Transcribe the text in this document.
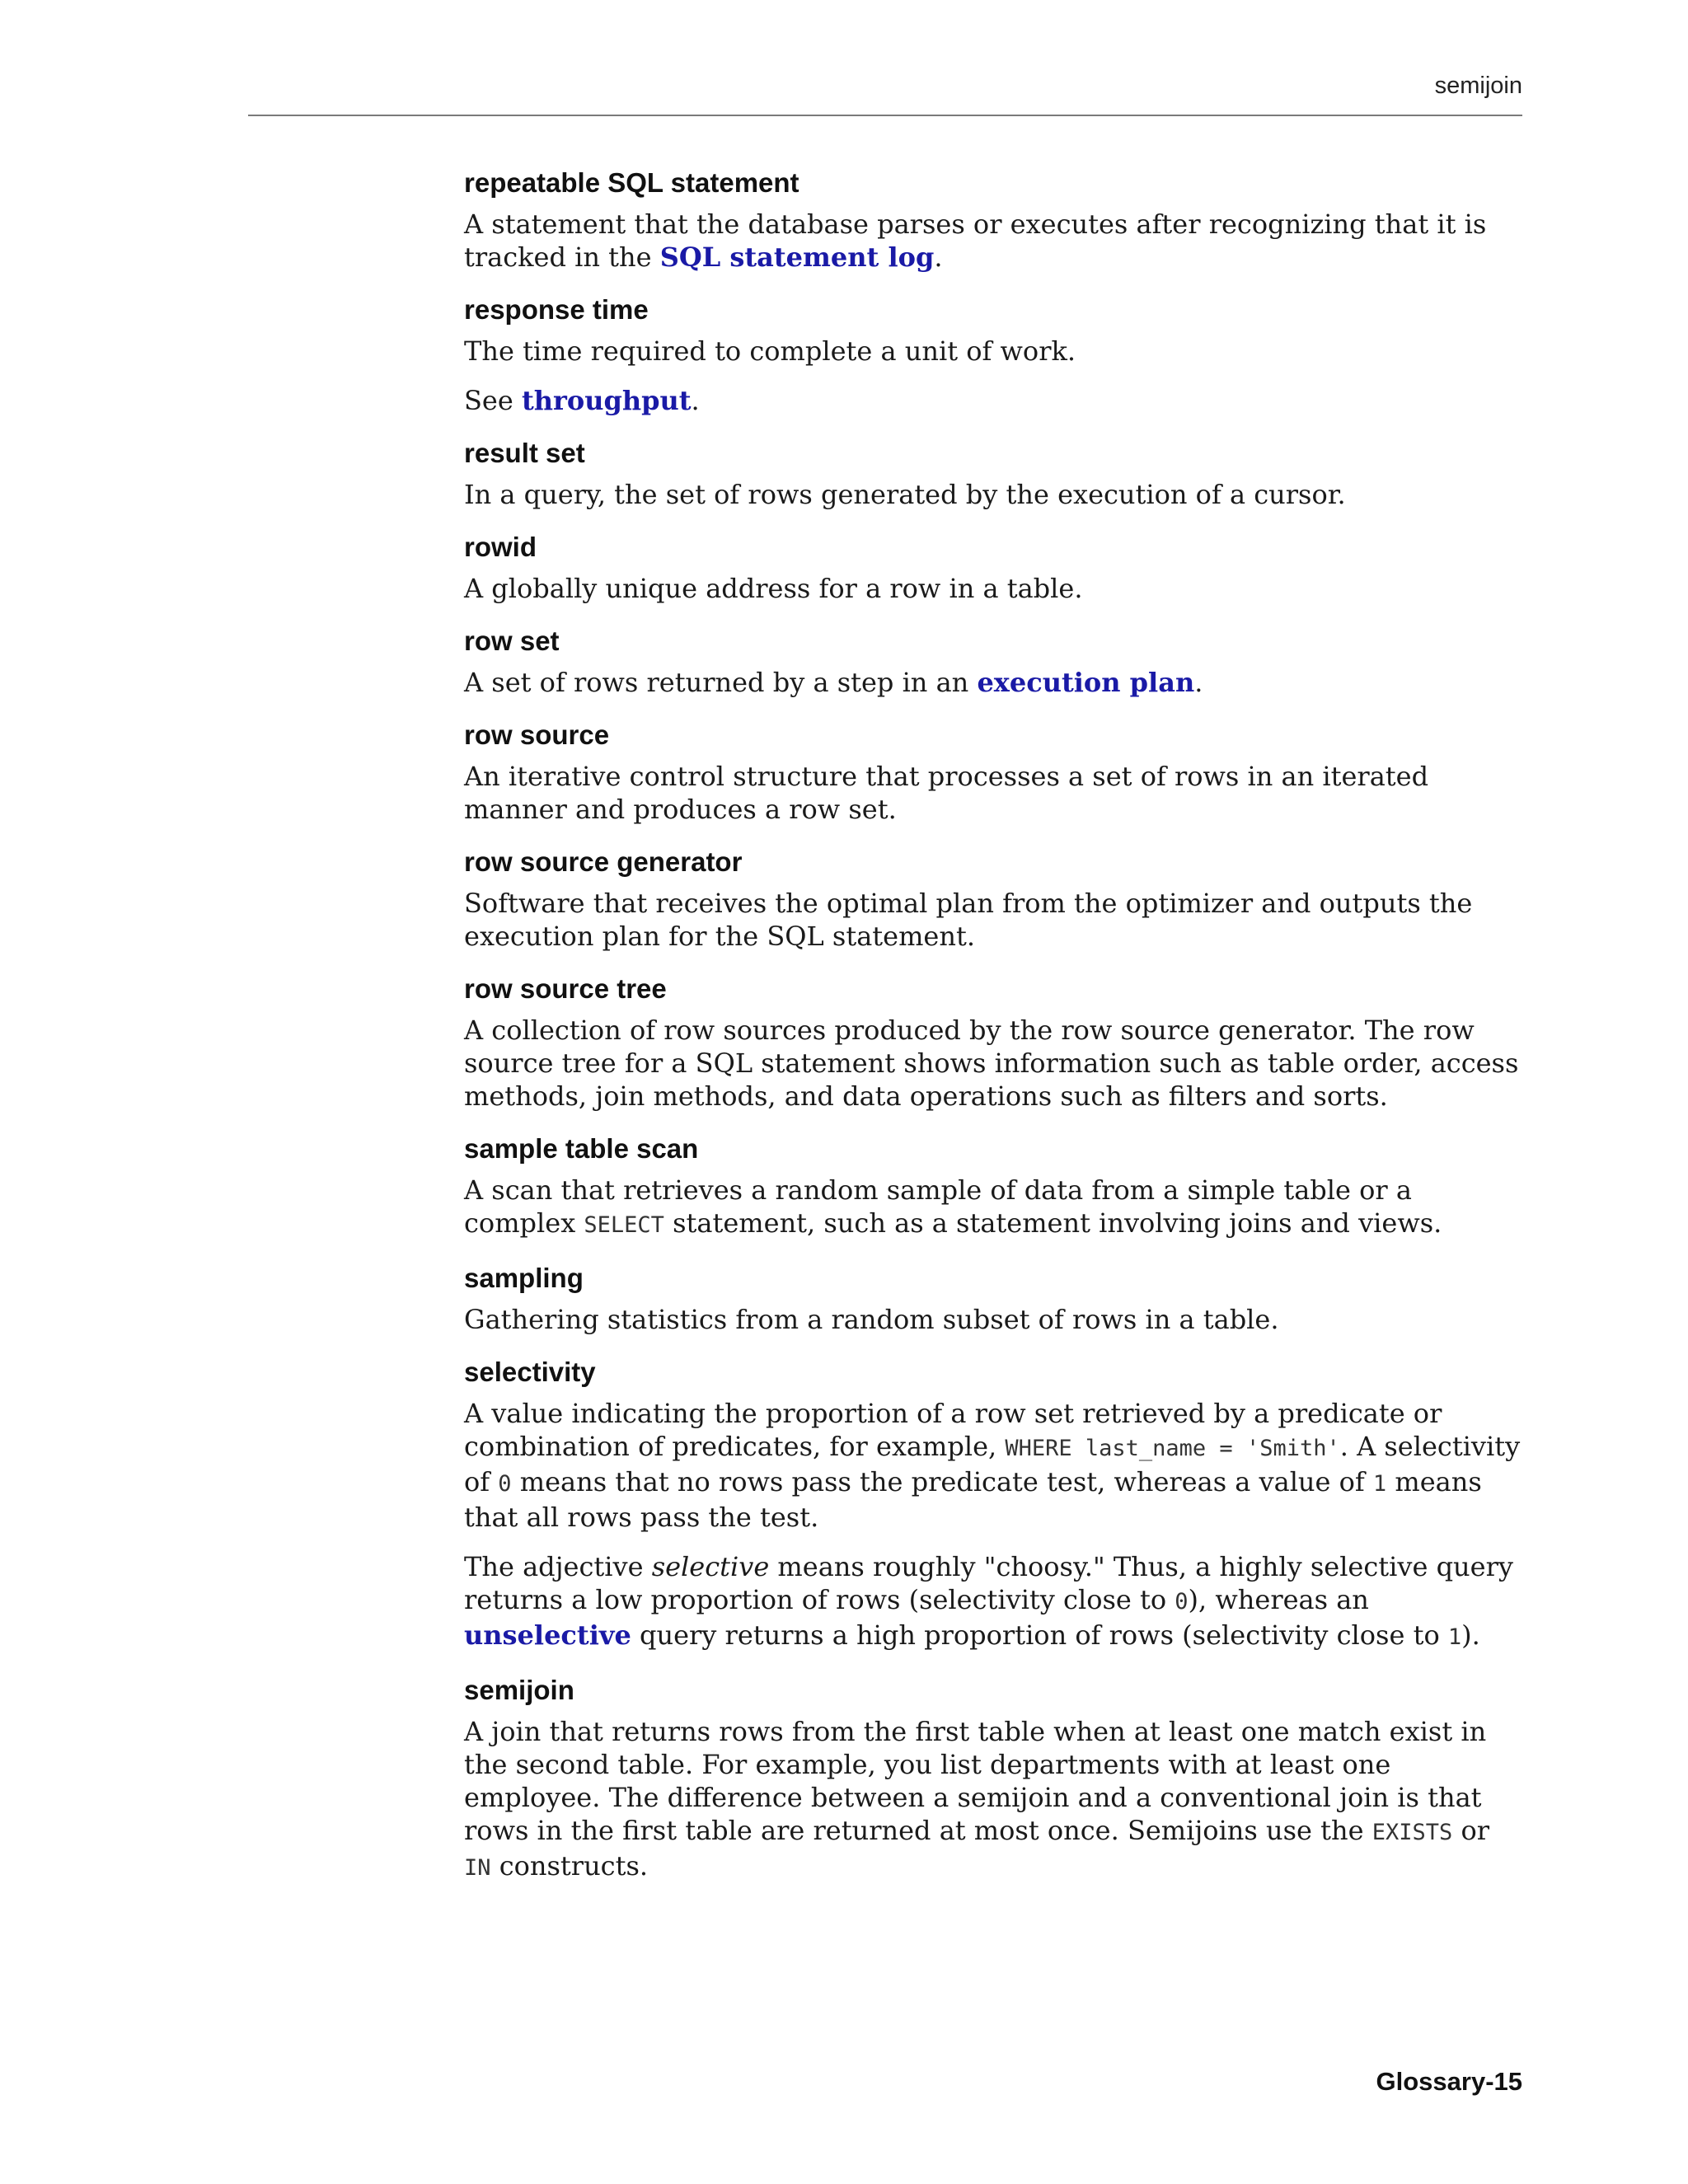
semijoin
repeatable SQL statement

A statement that the database parses or executes after recognizing that it is tracked in the SQL statement log.

response time

The time required to complete a unit of work.

See throughput.

result set

In a query, the set of rows generated by the execution of a cursor.

rowid

A globally unique address for a row in a table.

row set

A set of rows returned by a step in an execution plan.

row source

An iterative control structure that processes a set of rows in an iterated manner and produces a row set.

row source generator

Software that receives the optimal plan from the optimizer and outputs the execution plan for the SQL statement.

row source tree

A collection of row sources produced by the row source generator. The row source tree for a SQL statement shows information such as table order, access methods, join methods, and data operations such as filters and sorts.

sample table scan

A scan that retrieves a random sample of data from a simple table or a complex SELECT statement, such as a statement involving joins and views.

sampling

Gathering statistics from a random subset of rows in a table.

selectivity

A value indicating the proportion of a row set retrieved by a predicate or combination of predicates, for example, WHERE last_name = 'Smith'. A selectivity of 0 means that no rows pass the predicate test, whereas a value of 1 means that all rows pass the test.

The adjective selective means roughly "choosy." Thus, a highly selective query returns a low proportion of rows (selectivity close to 0), whereas an unselective query returns a high proportion of rows (selectivity close to 1).

semijoin

A join that returns rows from the first table when at least one match exist in the second table. For example, you list departments with at least one employee. The difference between a semijoin and a conventional join is that rows in the first table are returned at most once. Semijoins use the EXISTS or IN constructs.

Glossary-15
